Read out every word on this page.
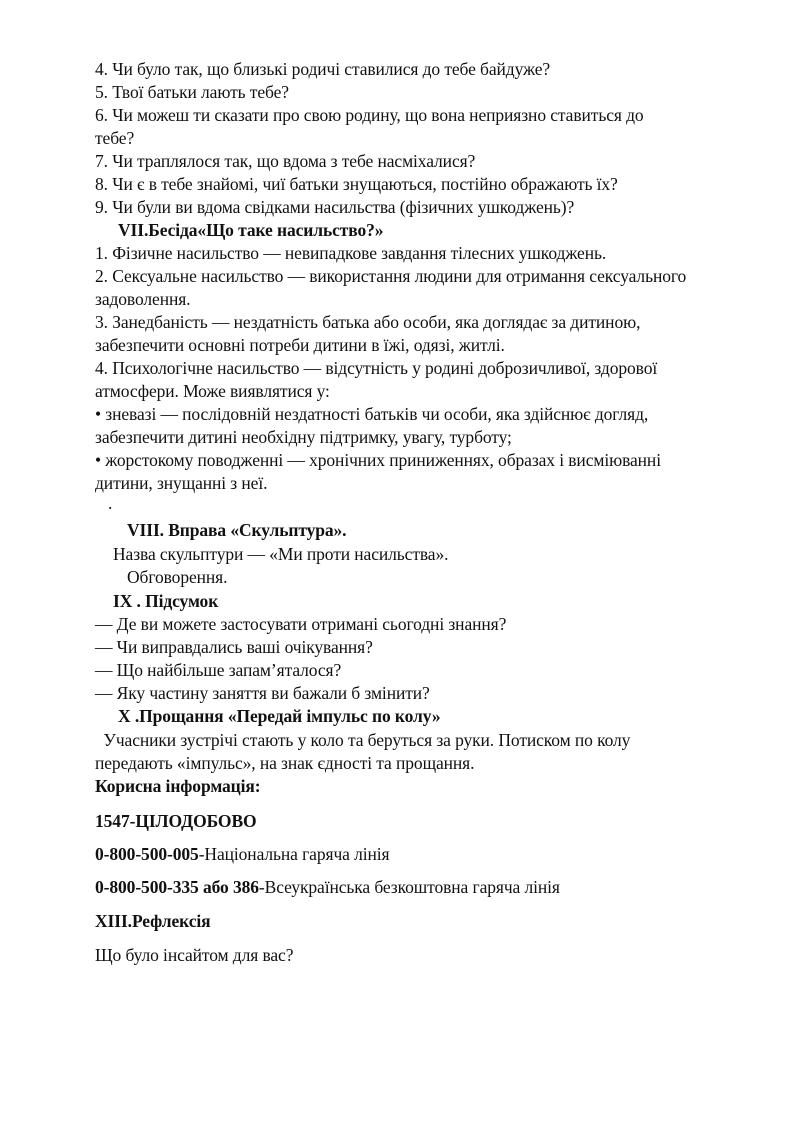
4. Чи було так, що близькі родичі ставилися до тебе байдуже?
5. Твої батьки лають тебе?
6. Чи можеш ти сказати про свою родину, що вона неприязно ставиться до
тебе?
7. Чи траплялося так, що вдома з тебе насміхалися?
8. Чи є в тебе знайомі, чиї батьки знущаються, постійно ображають їх?
9. Чи були ви вдома свідками насильства (фізичних ушкоджень)?
VII.Бесіда«Що таке насильство?»
1. Фізичне насильство — невипадкове завдання тілесних ушкоджень.
2. Сексуальне насильство — використання людини для отримання сексуального
задоволення.
3. Занедбаність — нездатність батька або особи, яка доглядає за дитиною,
забезпечити основні потреби дитини в їжі, одязі, житлі.
4. Психологічне насильство — відсутність у родині доброзичливої, здорової
атмосфери. Може виявлятися у:
• зневазі — послідовній нездатності батьків чи особи, яка здійснює догляд,
забезпечити дитині необхідну підтримку, увагу, турботу;
• жорстокому поводженні — хронічних приниженнях, образах і висміюванні
дитини, знущанні з неї.
.
VIII. Вправа «Скульптура».
Назва скульптури — «Ми проти насильства».
Обговорення.
ІХ . Підсумок
— Де ви можете застосувати отримані сьогодні знання?
— Чи виправдались ваші очікування?
— Що найбільше запам’яталося?
— Яку частину заняття ви бажали б змінити?
Х .Прощання «Передай імпульс по колу»
Учасники зустрічі стають у коло та беруться за руки. Потиском по колу
передають «імпульс», на знак єдності та прощання.
Корисна інформація:
1547-ЦІЛОДОБОВО
0-800-500-005-Національна гаряча лінія
0-800-500-335 або 386-Всеукраїнська безкоштовна гаряча лінія
ХІІІ.Рефлексія
Що було інсайтом для вас?
